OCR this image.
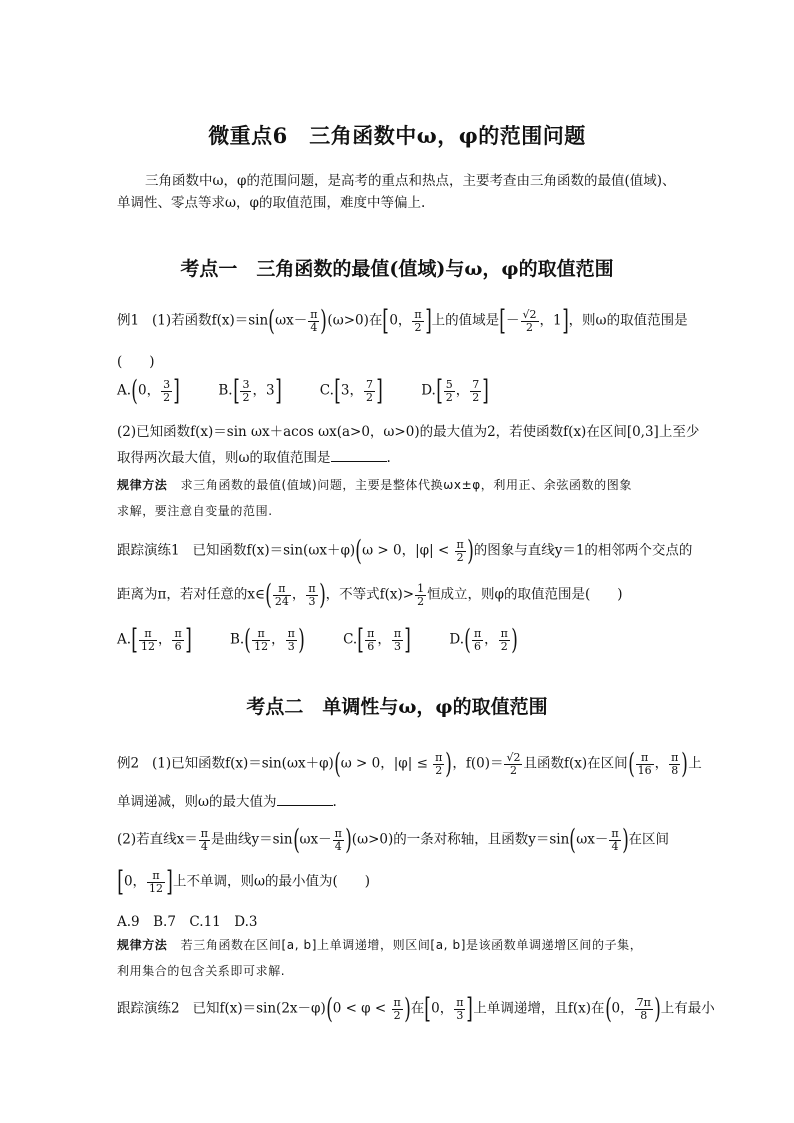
微重点6　三角函数中ω，φ的范围问题
三角函数中ω，φ的范围问题，是高考的重点和热点，主要考查由三角函数的最值(值域)、单调性、零点等求ω，φ的取值范围，难度中等偏上.
考点一　三角函数的最值(值域)与ω，φ的取值范围
例1 (1)若函数$f(x)=\sin(\omega x- \frac{\pi}{4} )(\omega>0)$在[0， $\frac{\pi}{2}$ ]上的值域是[－ $\frac{√2}{2}$ ，1]，则ω的取值范围是
(　　)
A.(0， $\frac{3}{2}$ ]	$B.[ \frac{3}{2}$ ，3]	C.[3， $\frac{7}{2}$ ]	$D.[ \frac{5}{2}$ ， $\frac{7}{2}$ ]
(2)已知函数f(x)＝sin ωx＋acos ωx(a>0，ω>0)的最大值为2，若使函数f(x)在区间[0,3]上至少
取得两次最大值，则ω的取值范围是	.
规律方法 求三角函数的最值(值域)问题，主要是整体代换ωx±φ，利用正、余弦函数的图象
求解，要注意自变量的范围.
跟踪演练1 已知函数f(x)＝sin(ωx＋φ)(ω > 0，$|\varphi| < \frac{\pi}{2}$ )的图象与直线y＝1的相邻两个交点的
距离为π，若对任意的x∈( $\frac{\pi}{24}$ ， $\frac{\pi}{3}$ )，不等式$f(x)> \frac{1}{2}$ 恒成立，则φ的取值范围是(　　)
$A.[ \frac{\pi}{12}$ ， $\frac{\pi}{6}$ ]	$B.( \frac{\pi}{12}$ ， $\frac{\pi}{3}$ )	$C.[ \frac{\pi}{6}$ ， $\frac{\pi}{3}$ ]	$D.( \frac{\pi}{6}$ ， $\frac{\pi}{2}$ )
考点二　单调性与ω，φ的取值范围
例2 (1)已知函数f(x)＝sin(ωx＋φ)(ω > 0，$|\varphi| \le \frac{\pi}{2}$ )，$f(0)= \frac{√2}{2}$ 且函数f(x)在区间( $\frac{\pi}{16}$ ， $\frac{\pi}{8}$ )上
单调递减，则ω的最大值为	.
(2)若直线$x= \frac{\pi}{4}$ 是曲线$y=\sin(\omega x- \frac{\pi}{4} )(\omega>0)$的一条对称轴，且函数$y=\sin(\omega x- \frac{\pi}{4}$ )在区间
[0， $\frac{\pi}{12}$ ]上不单调，则ω的最小值为(　　)
A.9　B.7　C.11　D.3
规律方法 若三角函数在区间[a, b]上单调递增，则区间[a, b]是该函数单调递增区间的子集，
利用集合的包含关系即可求解.
跟踪演练2 已知$f(x)=\sin(2x-\varphi)(0 < \varphi < \frac{\pi}{2}$ )在[0， $\frac{\pi}{3}$ ]上单调递增，且f(x)在(0， $\frac{7\pi}{8}$ )上有最小
